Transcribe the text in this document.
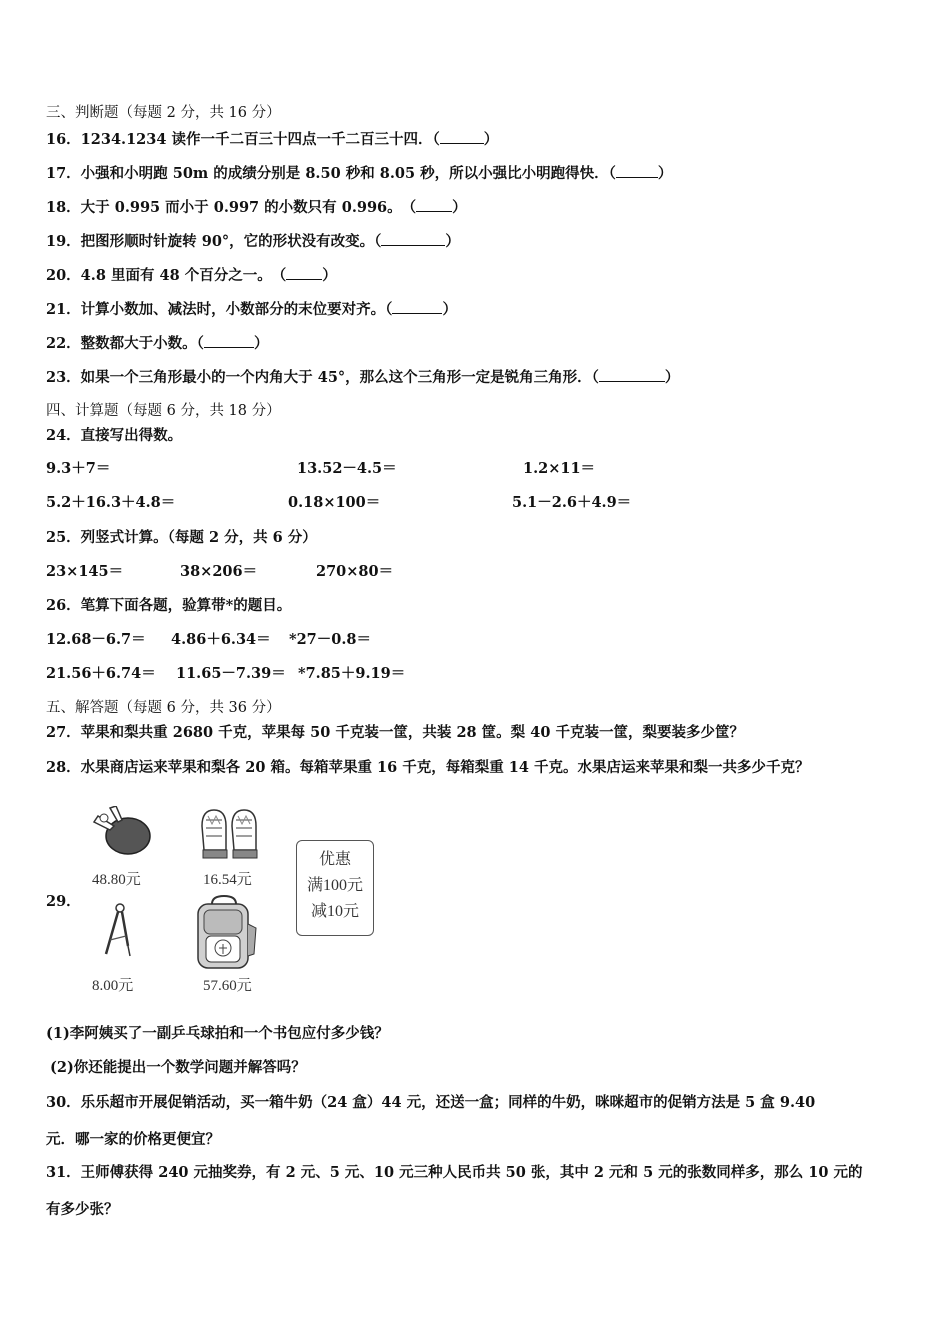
三、判断题（每题 2 分，共 16 分）
16．1234.1234 读作一千二百三十四点一千二百三十四．（	）
17．小强和小明跑 50m 的成绩分别是 8.50 秒和 8.05 秒，所以小强比小明跑得快．（	）
18．大于 0.995 而小于 0.997 的小数只有 0.996。　（ ）
19．把图形顺时针旋转 90°，它的形状没有改变。（	）
20．4.8 里面有 48 个百分之一。　（ ）
21．计算小数加、减法时，小数部分的末位要对齐。（	）
22．整数都大于小数。（	）
23．如果一个三角形最小的一个内角大于 45°，那么这个三角形一定是锐角三角形．（	）
四、计算题（每题 6 分，共 18 分）
24．直接写出得数。
9.3＋7＝	13.52－4.5＝	1.2×11＝
5.2＋16.3＋4.8＝	0.18×100＝	5.1－2.6＋4.9＝
25．列竖式计算。（每题 2 分，共 6 分）
23×145＝	38×206＝	270×80＝
26．笔算下面各题，验算带*的题目。
12.68－6.7＝ 4.86＋6.34＝ *27－0.8＝
21.56＋6.74＝ 11.65－7.39＝ *7.85＋9.19＝
五、解答题（每题 6 分，共 36 分）
27．苹果和梨共重 2680 千克，苹果每 50 千克装一筐，共装 28 筐。梨 40 千克装一筐，梨要装多少筐？
28．水果商店运来苹果和梨各 20 箱。每箱苹果重 16 千克，每箱梨重 14 千克。水果店运来苹果和梨一共多少千克？
29．
48.80元	16.54元
优惠
满100元
减10元
8.00元	57.60元
(1)李阿姨买了一副乒乓球拍和一个书包应付多少钱？
(2)你还能提出一个数学问题并解答吗？
30．乐乐超市开展促销活动，买一箱牛奶（24 盒）44 元，还送一盒；同样的牛奶，咪咪超市的促销方法是 5 盒 9.40
元．哪一家的价格更便宜？
31．王师傅获得 240 元抽奖券，有 2 元、5 元、10 元三种人民币共 50 张，其中 2 元和 5 元的张数同样多，那么 10 元的
有多少张？
